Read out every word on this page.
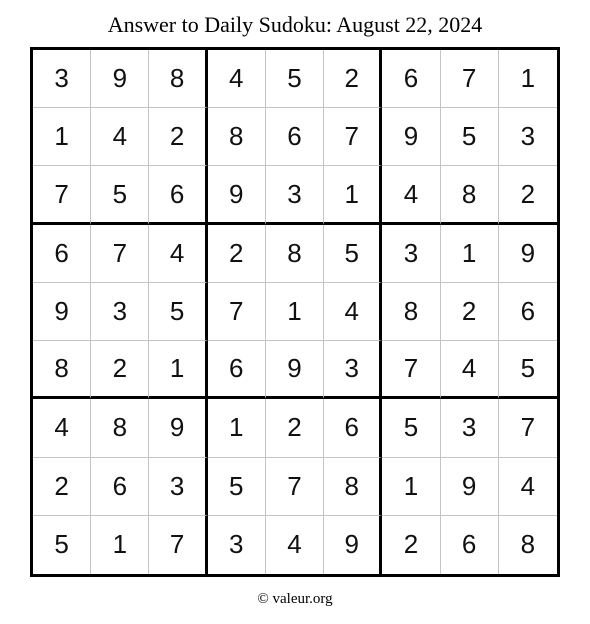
Answer to Daily Sudoku: August 22, 2024
3	9	8	4	5	2	6	7	1
1	4	2	8	6	7	9	5	3
7	5	6	9	3	1	4	8	2
6	7	4	2	8	5	3	1	9
9	3	5	7	1	4	8	2	6
8	2	1	6	9	3	7	4	5
4	8	9	1	2	6	5	3	7
2	6	3	5	7	8	1	9	4
5	1	7	3	4	9	2	6	8
© valeur.org
